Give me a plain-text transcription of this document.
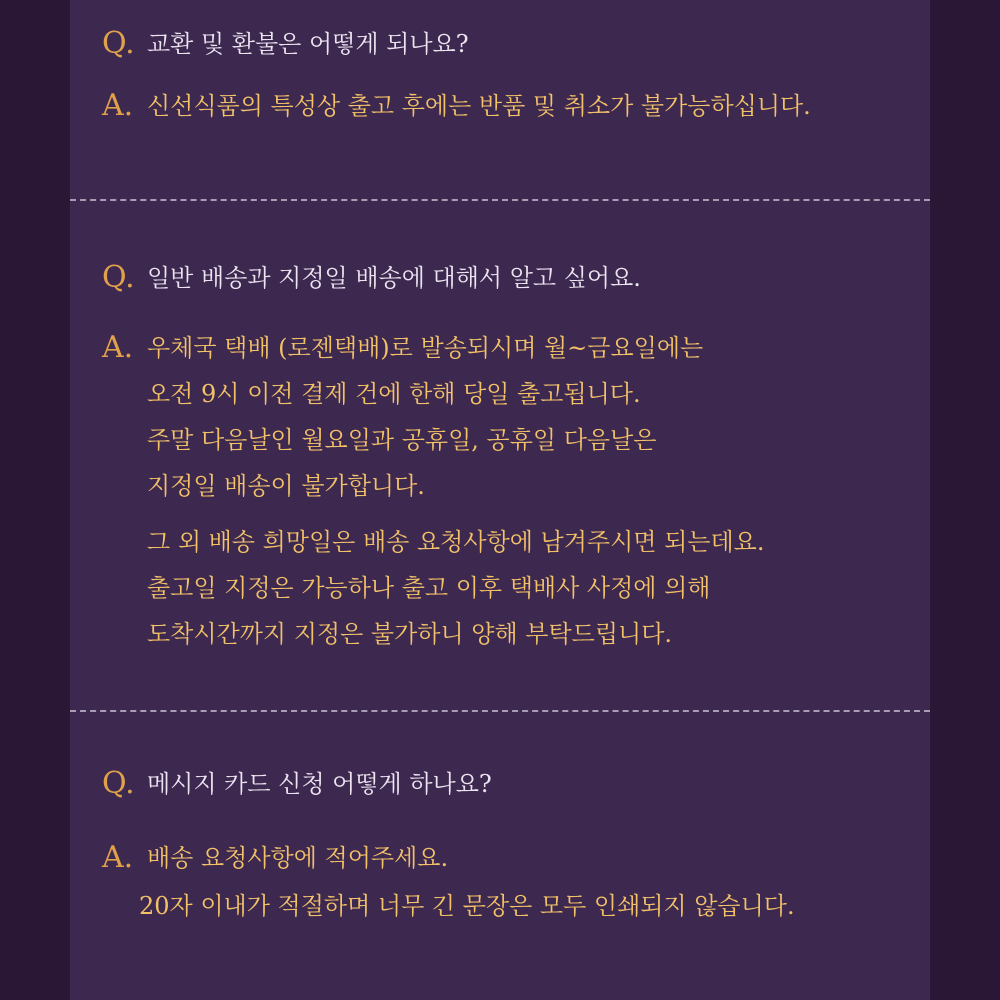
Q. 교환 및 환불은 어떻게 되나요?
A. 신선식품의 특성상 출고 후에는 반품 및 취소가 불가능하십니다.
Q. 일반 배송과 지정일 배송에 대해서 알고 싶어요.
A. 우체국 택배 (로젠택배)로 발송되시며 월~금요일에는
오전 9시 이전 결제 건에 한해 당일 출고됩니다.
주말 다음날인 월요일과 공휴일, 공휴일 다음날은
지정일 배송이 불가합니다.
그 외 배송 희망일은 배송 요청사항에 남겨주시면 되는데요.
출고일 지정은 가능하나 출고 이후 택배사 사정에 의해
도착시간까지 지정은 불가하니 양해 부탁드립니다.
Q. 메시지 카드 신청 어떻게 하나요?
A. 배송 요청사항에 적어주세요.
20자 이내가 적절하며 너무 긴 문장은 모두 인쇄되지 않습니다.
